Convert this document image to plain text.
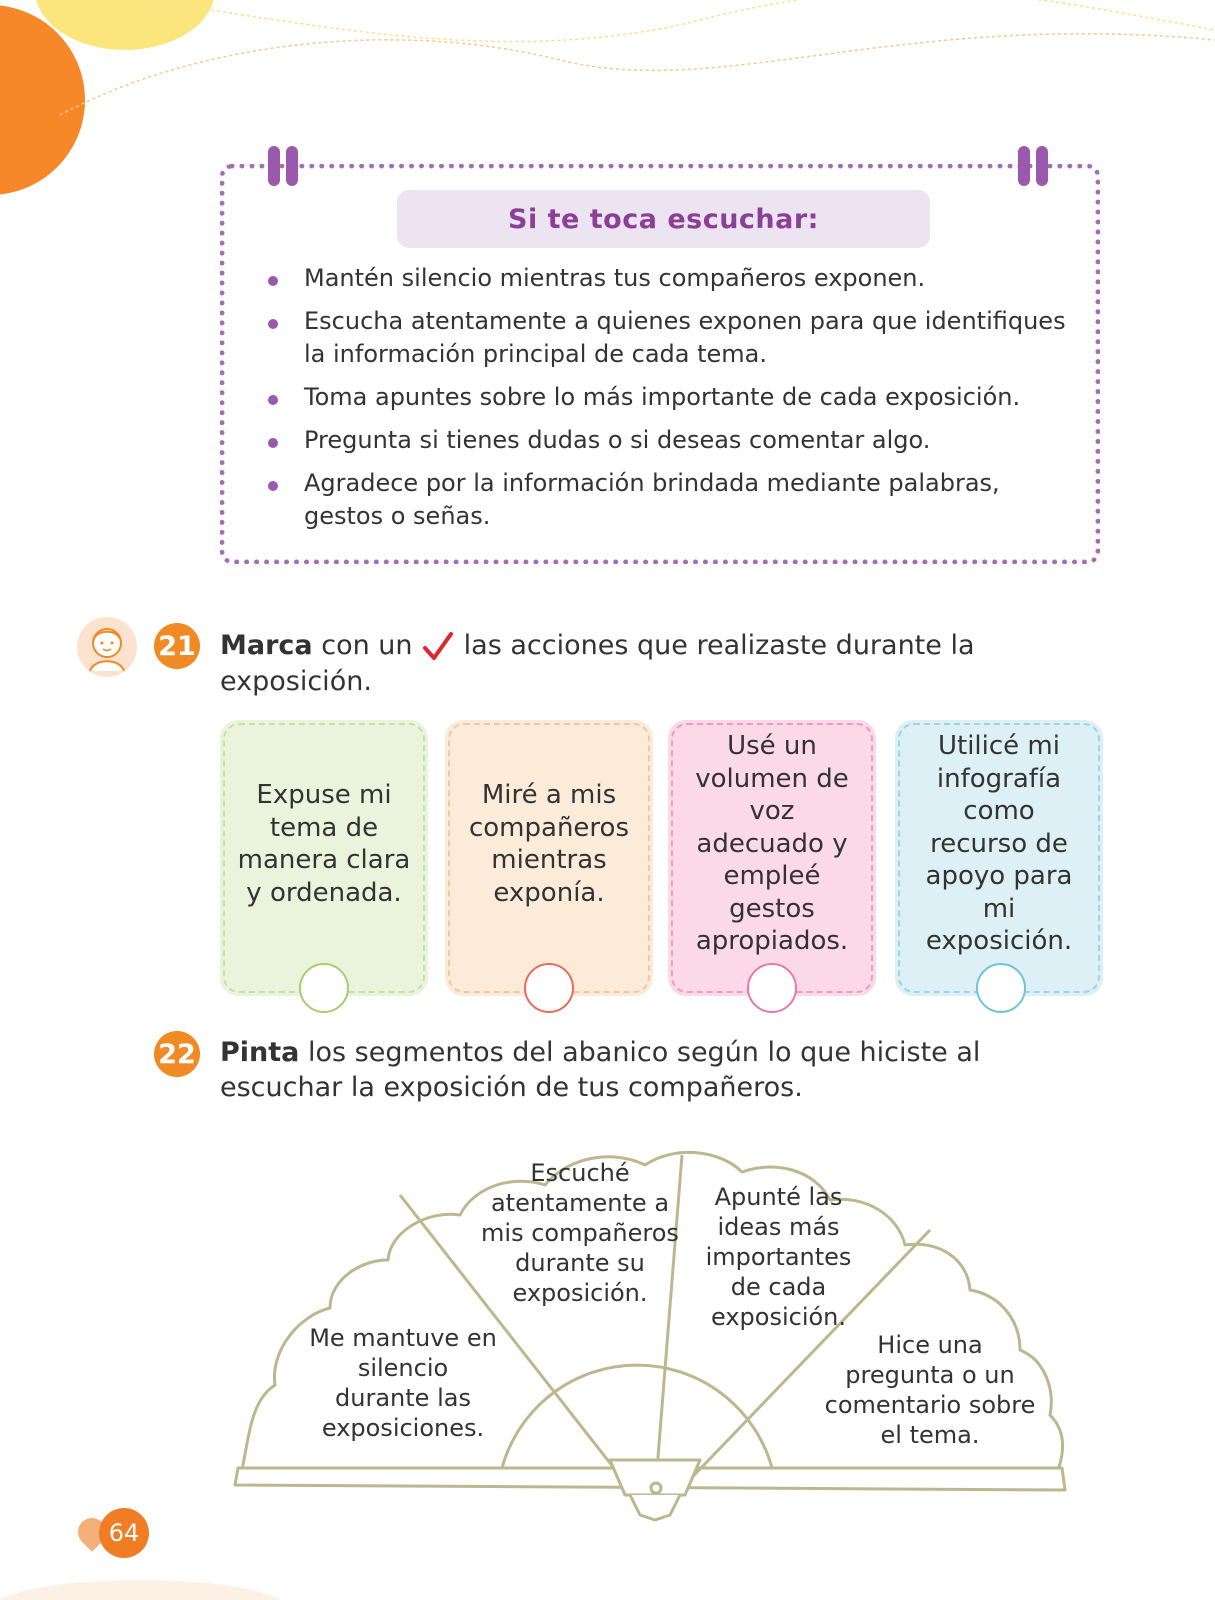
Si te toca escuchar:
Mantén silencio mientras tus compañeros exponen.
Escucha atentamente a quienes exponen para que identifiques la información principal de cada tema.
Toma apuntes sobre lo más importante de cada exposición.
Pregunta si tienes dudas o si deseas comentar algo.
Agradece por la información brindada mediante palabras, gestos o señas.
21 Marca con un  las acciones que realizaste durante la exposición.
Expuse mi tema de manera clara y ordenada.
Miré a mis compañeros mientras exponía.
Usé un volumen de voz adecuado y empleé gestos apropiados.
Utilicé mi infografía como recurso de apoyo para mi exposición.
22 Pinta los segmentos del abanico según lo que hiciste al escuchar la exposición de tus compañeros.
Me mantuve en silencio durante las exposiciones.
Escuché atentamente a mis compañeros durante su exposición.
Apunté las ideas más importantes de cada exposición.
Hice una pregunta o un comentario sobre el tema.
64
